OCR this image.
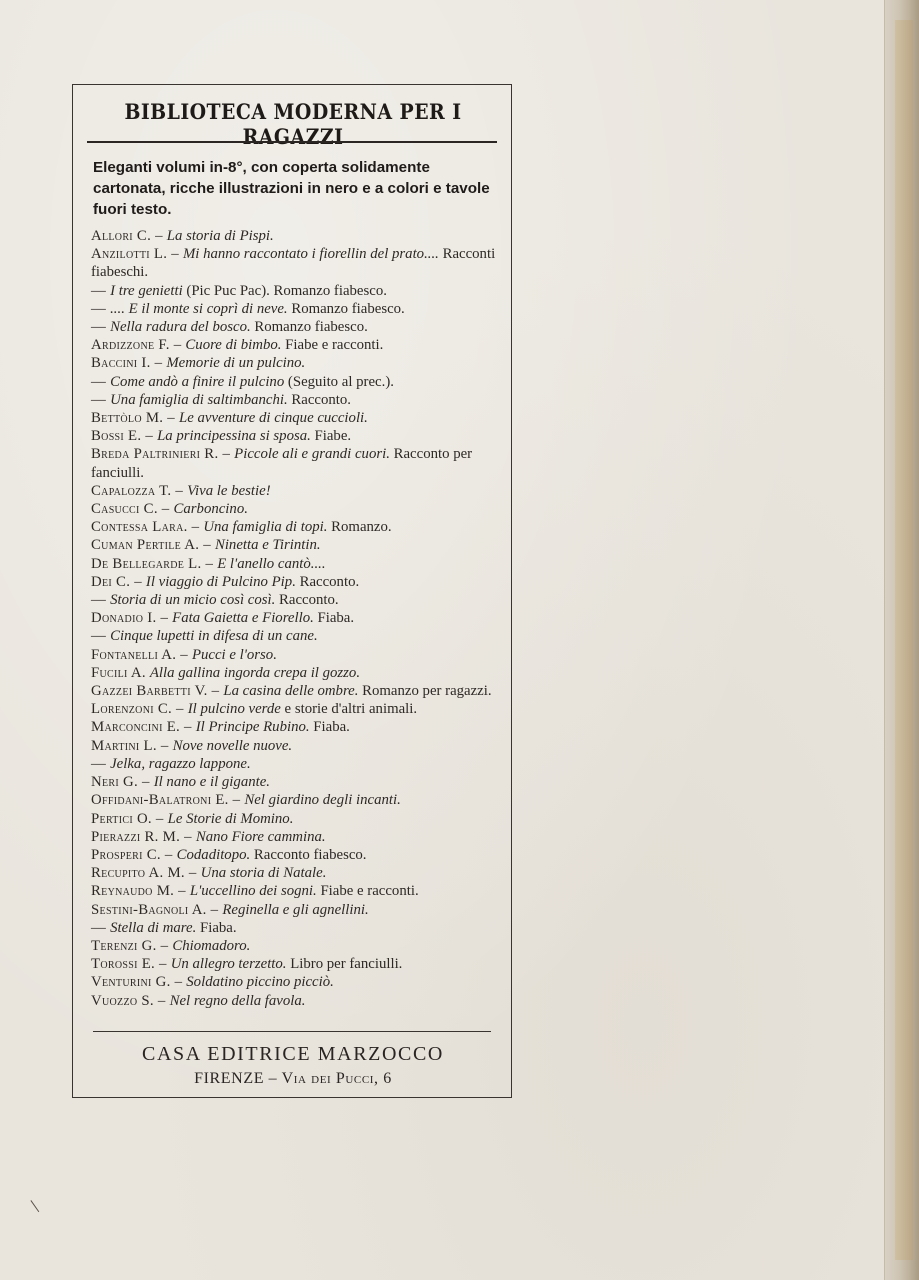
BIBLIOTECA MODERNA PER I RAGAZZI
Eleganti volumi in-8°, con coperta solidamente cartonata, ricche illustrazioni in nero e a colori e tavole fuori testo.
Allori C. – La storia di Pispi.
Anzilotti L. – Mi hanno raccontato i fiorellin del prato.... Racconti fiabeschi.
— I tre genietti (Pic Puc Pac). Romanzo fiabesco.
— .... E il monte si coprì di neve. Romanzo fiabesco.
— Nella radura del bosco. Romanzo fiabesco.
Ardizzone F. – Cuore di bimbo. Fiabe e racconti.
Baccini I. – Memorie di un pulcino.
— Come andò a finire il pulcino (Seguito al prec.).
— Una famiglia di saltimbanchi. Racconto.
Bettòlo M. – Le avventure di cinque cuccioli.
Bossi E. – La principessina si sposa. Fiabe.
Breda Paltrinieri R. – Piccole ali e grandi cuori. Racconto per fanciulli.
Capalozza T. – Viva le bestie!
Casucci C. – Carboncino.
Contessa Lara. – Una famiglia di topi. Romanzo.
Cuman Pertile A. – Ninetta e Tirintin.
De Bellegarde L. – E l'anello cantò....
Dei C. – Il viaggio di Pulcino Pip. Racconto.
— Storia di un micio così così. Racconto.
Donadio I. – Fata Gaietta e Fiorello. Fiaba.
— Cinque lupetti in difesa di un cane.
Fontanelli A. – Pucci e l'orso.
Fucili A. Alla gallina ingorda crepa il gozzo.
Gazzei Barbetti V. – La casina delle ombre. Romanzo per ragazzi.
Lorenzoni C. – Il pulcino verde e storie d'altri animali.
Marconcini E. – Il Principe Rubino. Fiaba.
Martini L. – Nove novelle nuove.
— Jelka, ragazzo lappone.
Neri G. – Il nano e il gigante.
Offidani-Balatroni E. – Nel giardino degli incanti.
Pertici O. – Le Storie di Momino.
Pierazzi R. M. – Nano Fiore cammina.
Prosperi C. – Codaditopo. Racconto fiabesco.
Recupito A. M. – Una storia di Natale.
Reynaudo M. – L'uccellino dei sogni. Fiabe e racconti.
Sestini-Bagnoli A. – Reginella e gli agnellini.
— Stella di mare. Fiaba.
Terenzi G. – Chiomadoro.
Torossi E. – Un allegro terzetto. Libro per fanciulli.
Venturini G. – Soldatino piccino picciò.
Vuozzo S. – Nel regno della favola.
CASA EDITRICE MARZOCCO
FIRENZE – Via dei Pucci, 6
